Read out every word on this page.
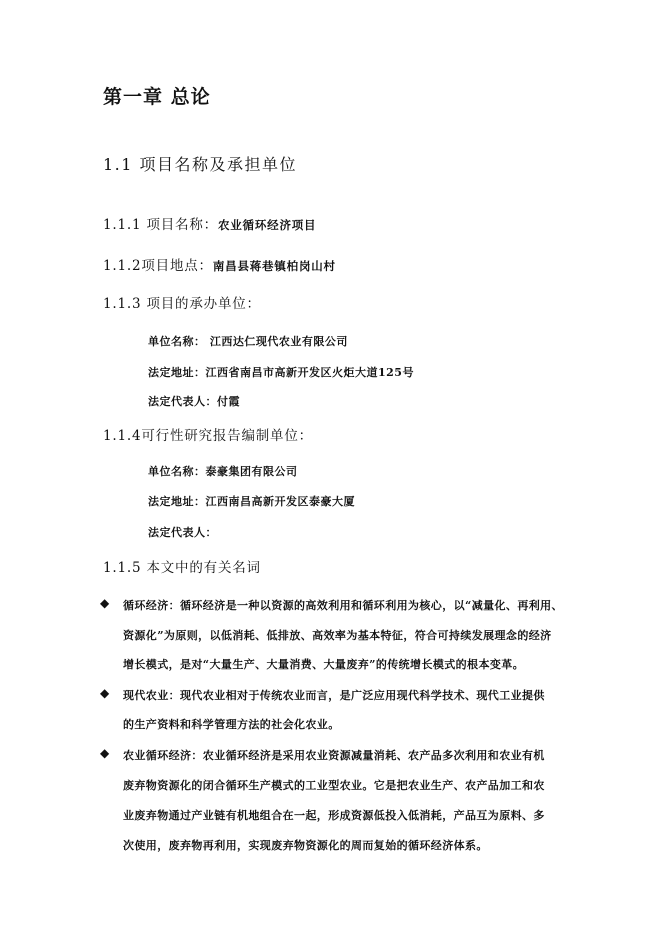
第一章 总论
1.1 项目名称及承担单位
1.1.1 项目名称：农业循环经济项目
1.1.2项目地点：南昌县蒋巷镇柏岗山村
1.1.3 项目的承办单位：
单位名称： 江西达仁现代农业有限公司
法定地址：江西省南昌市高新开发区火炬大道125号
法定代表人：付霞
1.1.4可行性研究报告编制单位：
单位名称：泰豪集团有限公司
法定地址：江西南昌高新开发区泰豪大厦
法定代表人：
1.1.5 本文中的有关名词
◆ 循环经济：循环经济是一种以资源的高效利用和循环利用为核心，以“减量化、再利用、
资源化”为原则，以低消耗、低排放、高效率为基本特征，符合可持续发展理念的经济
增长模式，是对“大量生产、大量消费、大量废弃”的传统增长模式的根本变革。
◆ 现代农业：现代农业相对于传统农业而言，是广泛应用现代科学技术、现代工业提供
的生产资料和科学管理方法的社会化农业。
◆ 农业循环经济：农业循环经济是采用农业资源减量消耗、农产品多次利用和农业有机
废弃物资源化的闭合循环生产模式的工业型农业。它是把农业生产、农产品加工和农
业废弃物通过产业链有机地组合在一起，形成资源低投入低消耗，产品互为原料、多
次使用，废弃物再利用，实现废弃物资源化的周而复始的循环经济体系。
